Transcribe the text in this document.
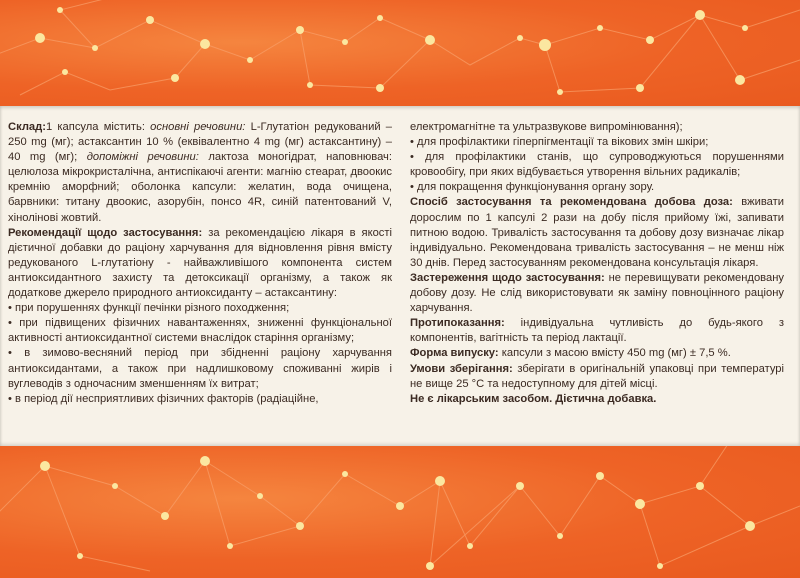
Склад:1 капсула містить: основні речовини: L-Глутатіон редукований – 250 mg (мг); астаксантин 10 % (еквівалентно 4 mg (мг) астаксантину) – 40 mg (мг); допоміжні речовини: лактоза моногідрат, наповнювач: целюлоза мікрокристалічна, антиспікаючі агенти: магнію стеарат, двоокис кремнію аморфний; оболонка капсули: желатин, вода очищена, барвники: титану двоокис, азорубін, понсо 4R, синій патентований V, хінолінові жовтий.

Рекомендації щодо застосування: за рекомендацією лікаря в якості дієтичної добавки до раціону харчування для відновлення рівня вмісту редукованого L-глутатіону - найважливішого компонента систем антиоксидантного захисту та детоксикації організму, а також як додаткове джерело природного антиоксиданту – астаксантину:

• при порушеннях функції печінки різного походження;

• при підвищених фізичних навантаженнях, зниженні функціональної активності антиоксидантної системи внаслідок старіння організму;

• в зимово-весняний період при збідненні раціону харчування антиоксидантами, а також при надлишковому споживанні жирів і вуглеводів з одночасним зменшенням їх витрат;

• в період дії несприятливих фізичних факторів (радіаційне,

електромагнітне та ультразвукове випромінювання);

• для профілактики гіперпігментації та вікових змін шкіри;

• для профілактики станів, що супроводжуються порушеннями кровообігу, при яких відбувається утворення вільних радикалів;

• для покращення функціонування органу зору.

Спосіб застосування та рекомендована добова доза: вживати дорослим по 1 капсулі 2 рази на добу після прийому їжі, запивати питною водою. Тривалість застосування та добову дозу визначає лікар індивідуально. Рекомендована тривалість застосування – не менш ніж 30 днів. Перед застосуванням рекомендована консультація лікаря.

Застереження щодо застосування: не перевищувати рекомендовану добову дозу. Не слід використовувати як заміну повноцінного раціону харчування.

Протипоказання: індивідуальна чутливість до будь-якого з компонентів, вагітність та період лактації.

Форма випуску: капсули з масою вмісту 450 mg (мг) ± 7,5 %.

Умови зберігання: зберігати в оригінальній упаковці при температурі не вище 25 °С та недоступному для дітей місці.

Не є лікарським засобом. Дієтична добавка.
